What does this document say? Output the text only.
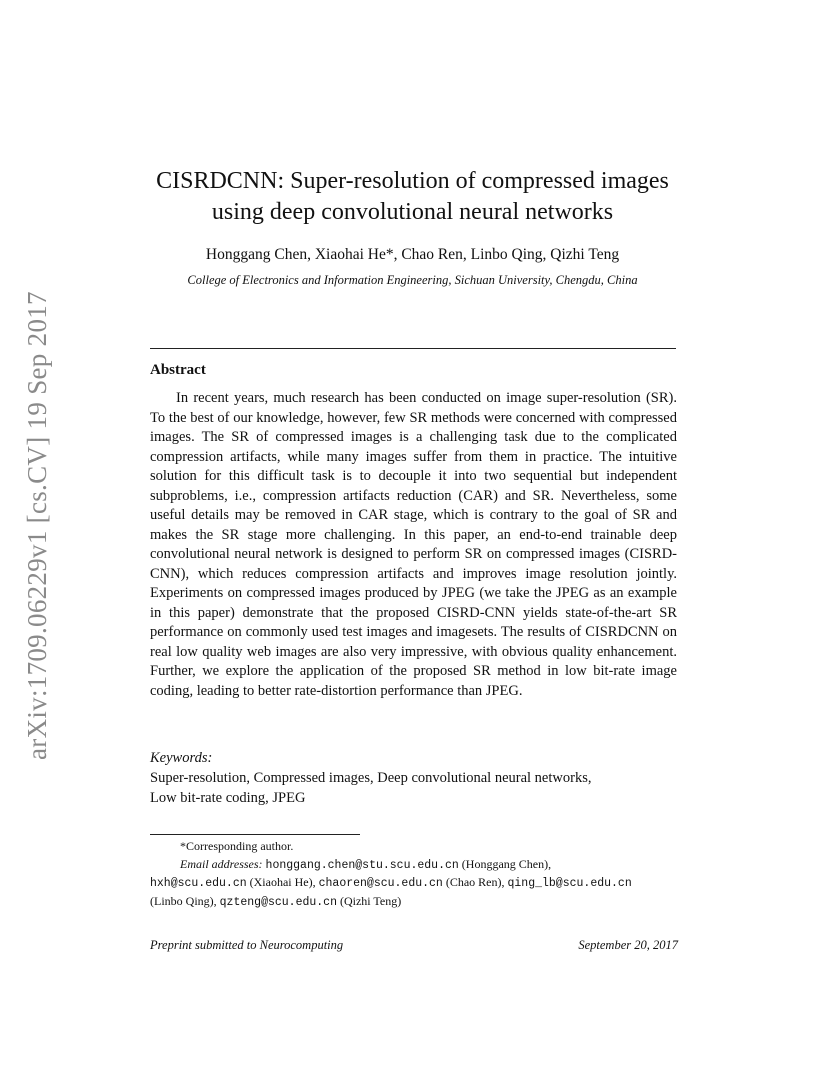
arXiv:1709.06229v1 [cs.CV] 19 Sep 2017
CISRDCNN: Super-resolution of compressed images
using deep convolutional neural networks
Honggang Chen, Xiaohai He*, Chao Ren, Linbo Qing, Qizhi Teng
College of Electronics and Information Engineering, Sichuan University, Chengdu, China
Abstract

In recent years, much research has been conducted on image super-resolution (SR). To the best of our knowledge, however, few SR methods were concerned with compressed images. The SR of compressed images is a challenging task due to the complicated compression artifacts, while many images suffer from them in practice. The intuitive solution for this difficult task is to decouple it into two sequential but independent subproblems, i.e., compression artifacts reduction (CAR) and SR. Nevertheless, some useful details may be removed in CAR stage, which is contrary to the goal of SR and makes the SR stage more challenging. In this paper, an end-to-end trainable deep convolutional neural network is designed to perform SR on compressed images (CISRD-CNN), which reduces compression artifacts and improves image resolution jointly. Experiments on compressed images produced by JPEG (we take the JPEG as an example in this paper) demonstrate that the proposed CISRD-CNN yields state-of-the-art SR performance on commonly used test images and imagesets. The results of CISRDCNN on real low quality web images are also very impressive, with obvious quality enhancement. Further, we explore the application of the proposed SR method in low bit-rate image coding, leading to better rate-distortion performance than JPEG.

Keywords:
Super-resolution, Compressed images, Deep convolutional neural networks,
Low bit-rate coding, JPEG
*Corresponding author.
Email addresses: honggang.chen@stu.scu.edu.cn (Honggang Chen),
hxh@scu.edu.cn (Xiaohai He), chaoren@scu.edu.cn (Chao Ren), qing_lb@scu.edu.cn
(Linbo Qing), qzteng@scu.edu.cn (Qizhi Teng)
Preprint submitted to Neurocomputing	September 20, 2017
